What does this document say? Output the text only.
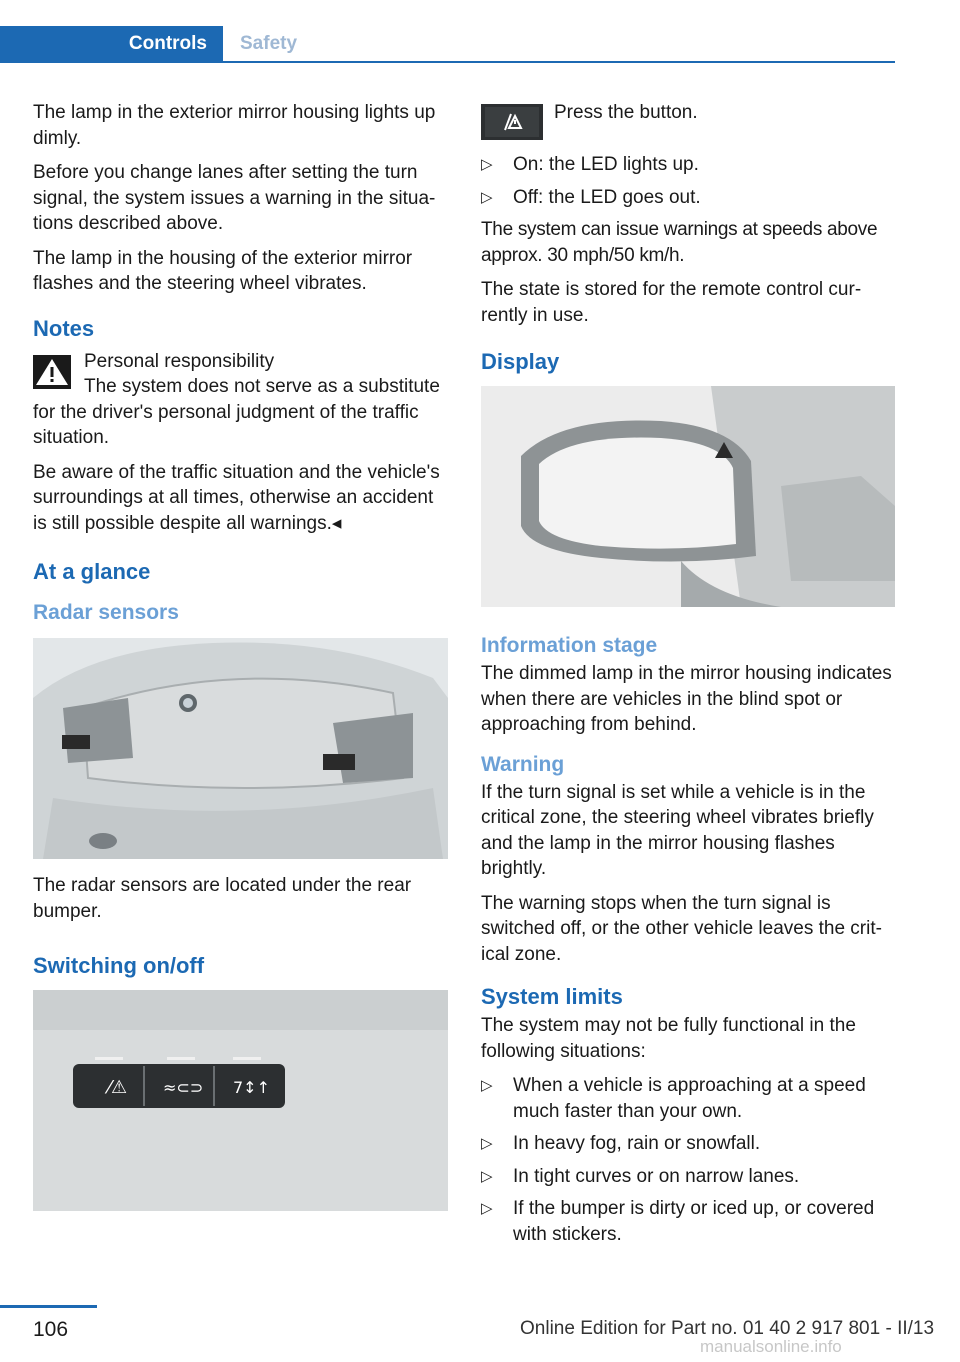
Controls	Safety

The lamp in the exterior mirror housing lights up dimly.

Before you change lanes after setting the turn signal, the system issues a warning in the situations described above.

The lamp in the housing of the exterior mirror flashes and the steering wheel vibrates.

Notes
Personal responsibility

The system does not serve as a substitute for the driver's personal judgment of the traffic situation.

Be aware of the traffic situation and the vehicle's surroundings at all times, otherwise an accident is still possible despite all warnings.◂

At a glance
Radar sensors

The radar sensors are located under the rear bumper.

Switching on/off
⁄⚠ ≈⊂⊃ 7↕↑
Press the button.
▷ On: the LED lights up.
▷ Off: the LED goes out.

The system can issue warnings at speeds above approx. 30 mph/50 km/h.

The state is stored for the remote control currently in use.

Display
Information stage

The dimmed lamp in the mirror housing indicates when there are vehicles in the blind spot or approaching from behind.

Warning

If the turn signal is set while a vehicle is in the critical zone, the steering wheel vibrates briefly and the lamp in the mirror housing flashes brightly.

The warning stops when the turn signal is switched off, or the other vehicle leaves the critical zone.

System limits

The system may not be fully functional in the following situations:

▷ When a vehicle is approaching at a speed much faster than your own.
▷ In heavy fog, rain or snowfall.
▷ In tight curves or on narrow lanes.
▷ If the bumper is dirty or iced up, or covered with stickers.
106	Online Edition for Part no. 01 40 2 917 801 - II/13
manualsonline.info
